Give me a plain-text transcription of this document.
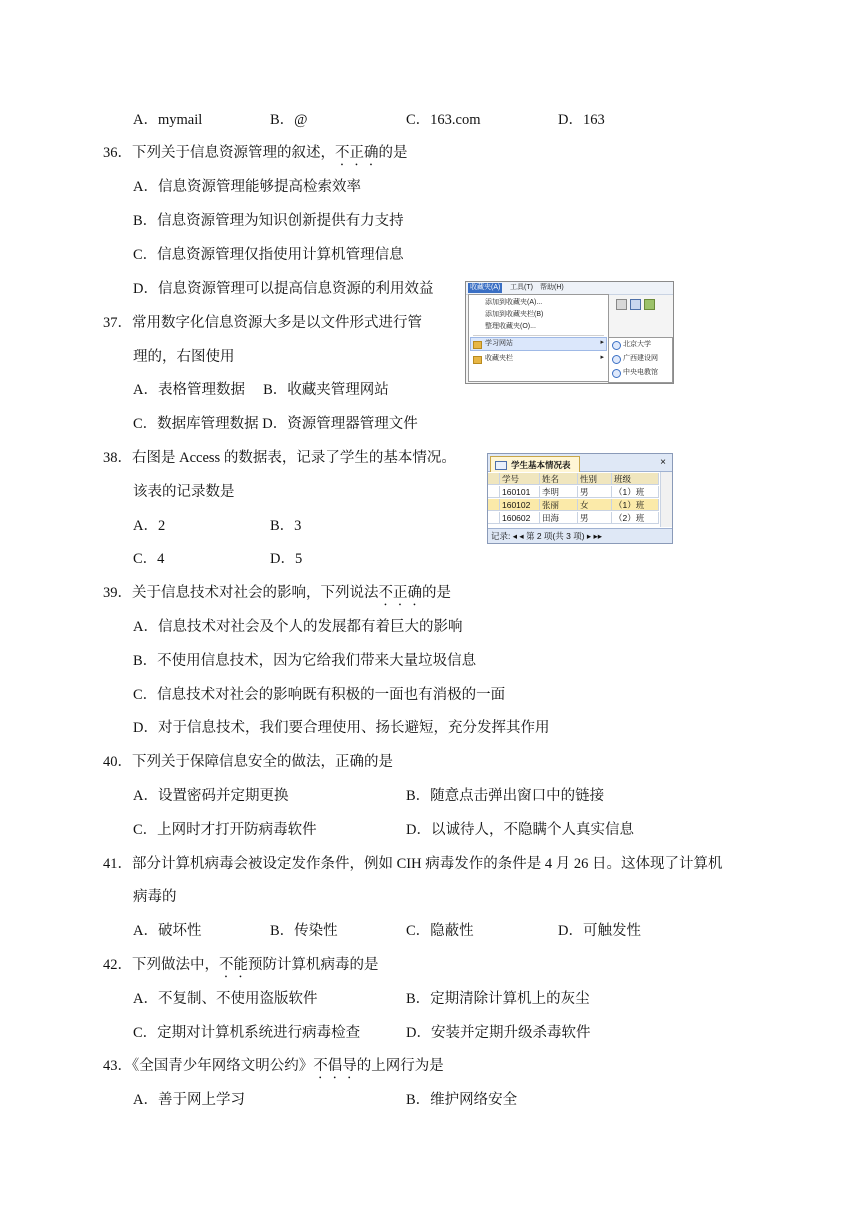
A．mymail	B．@	C．163.com	D．163
36．下列关于信息资源管理的叙述，不正确的是
A．信息资源管理能够提高检索效率
B．信息资源管理为知识创新提供有力支持
C．信息资源管理仅指使用计算机管理信息
D．信息资源管理可以提高信息资源的利用效益
37．常用数字化信息资源大多是以文件形式进行管
理的，右图使用
A．表格管理数据　 B．收藏夹管理网站
C．数据库管理数据 D．资源管理器管理文件
收藏夹(A) 工具(T) 帮助(H)
添加到收藏夹(A)...
添加到收藏夹栏(B)
整理收藏夹(O)...
学习网站	▸
收藏夹栏	▸
北京大学
广西建设网
中央电教馆
38．右图是 Access 的数据表，记录了学生的基本情况。
该表的记录数是
A．2	B．3
C．4	D．5
学生基本情况表	×
学号	姓名	性别	班级
160101	李明	男	（1）班
160102	张丽	女	（1）班
160602	田海	男	（2）班
记录: ◂ ◂ 第 2 项(共 3 项) ▸ ▸▸
39．关于信息技术对社会的影响，下列说法不正确的是
A．信息技术对社会及个人的发展都有着巨大的影响
B．不使用信息技术，因为它给我们带来大量垃圾信息
C．信息技术对社会的影响既有积极的一面也有消极的一面
D．对于信息技术，我们要合理使用、扬长避短，充分发挥其作用
40．下列关于保障信息安全的做法，正确的是
A．设置密码并定期更换	B．随意点击弹出窗口中的链接
C．上网时才打开防病毒软件	D．以诚待人，不隐瞒个人真实信息
41．部分计算机病毒会被设定发作条件，例如 CIH 病毒发作的条件是 4 月 26 日。这体现了计算机
病毒的
A．破坏性	B．传染性	C．隐蔽性	D．可触发性
42．下列做法中，不能预防计算机病毒的是
A．不复制、不使用盗版软件	B．定期清除计算机上的灰尘
C．定期对计算机系统进行病毒检查	D．安装并定期升级杀毒软件
43．《全国青少年网络文明公约》不倡导的上网行为是
A．善于网上学习	B．维护网络安全
